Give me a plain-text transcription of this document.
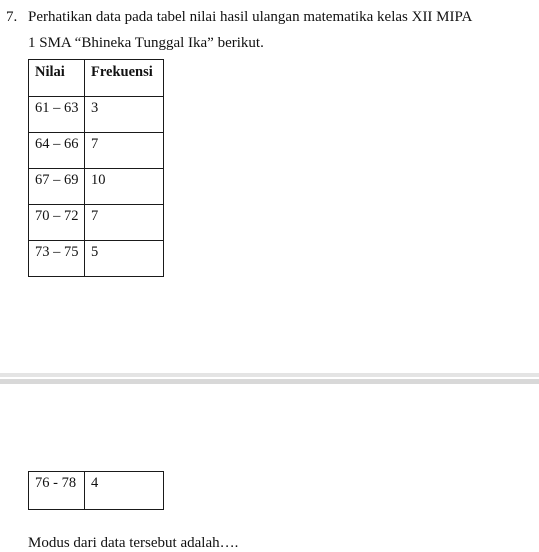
7. Perhatikan data pada tabel nilai hasil ulangan matematika kelas XII MIPA
1 SMA “Bhineka Tunggal Ika” berikut.
Nilai	Frekuensi
61 – 63	3
64 – 66	7
67 – 69	10
70 – 72	7
73 – 75	5
76 - 78	4
Modus dari data tersebut adalah….
